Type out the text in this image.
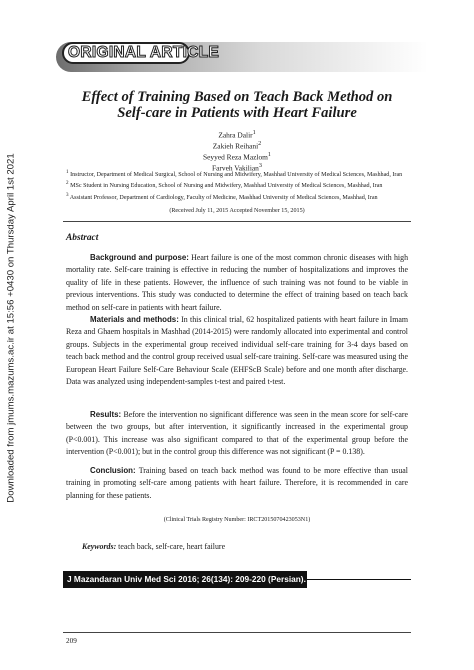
Downloaded from jmums.mazums.ac.ir at 15:56 +0430 on Thursday April 1st 2021
ORIGINAL ARTICLE
Effect of Training Based on Teach Back Method on
Self-care in Patients with Heart Failure
Zahra Dalir$^1$
Zakieh Reihani$^2$
Seyyed Reza Mazlom$^1$
Farveh Vakilian$^3$
$^1$ Instructor, Department of Medical Surgical, School of Nursing and Midwifery, Mashhad University of Medical Sciences, Mashhad, Iran
$^2$ MSc Student in Nursing Education, School of Nursing and Midwifery, Mashhad University of Medical Sciences, Mashhad, Iran
$^3$ Assistant Professor, Department of Cardiology, Faculty of Medicine, Mashhad University of Medical Sciences, Mashhad, Iran
(Received July 11, 2015 Accepted November 15, 2015)
Abstract

Background and purpose: Heart failure is one of the most common chronic diseases with high mortality rate. Self-care training is effective in reducing the number of hospitalizations and improves the quality of life in these patients. However, the influence of such training was not found to be viable in previous interventions. This study was conducted to determine the effect of training based on teach back method on self-care in patients with heart failure.

Materials and methods: In this clinical trial, 62 hospitalized patients with heart failure in Imam Reza and Ghaem hospitals in Mashhad (2014-2015) were randomly allocated into experimental and control groups. Subjects in the experimental group received individual self-care training for 3-4 days based on teach back method and the control group received usual self-care training. Self-care was measured using the European Heart Failure Self-Care Behaviour Scale (EHFScB Scale) before and one month after discharge. Data was analyzed using independent-samples t-test and paired t-test.

Results: Before the intervention no significant difference was seen in the mean score for self-care between the two groups, but after intervention, it significantly increased in the experimental group (P<0.001). This increase was also significant compared to that of the experimental group before the intervention (P<0.001); but in the control group this difference was not significant (P = 0.138).

Conclusion: Training based on teach back method was found to be more effective than usual training in promoting self-care among patients with heart failure. Therefore, it is recommended in care planning for these patients.

(Clinical Trials Registry Number: IRCT2015070423053N1)
Keywords: teach back, self-care, heart failure
J Mazandaran Univ Med Sci 2016; 26(134): 209-220 (Persian).
209
